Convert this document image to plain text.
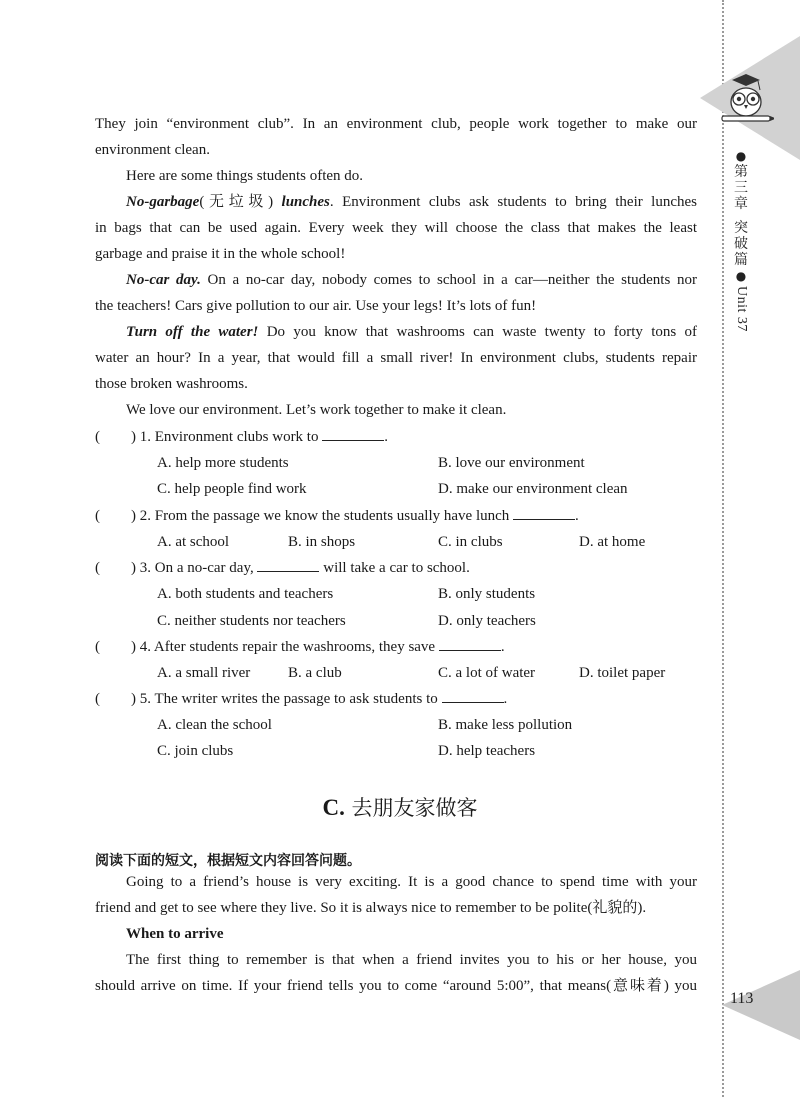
●
第
三
章
突
破
篇
●
Unit 37
113
They join “environment club”. In an environment club, people work together to make our
environment clean.
Here are some things students often do.
No-garbage(无垃圾) lunches. Environment clubs ask students to bring their lunches
in bags that can be used again. Every week they will choose the class that makes the least
garbage and praise it in the whole school!
No-car day. On a no-car day, nobody comes to school in a car—neither the students nor
the teachers! Cars give pollution to our air. Use your legs! It’s lots of fun!
Turn off the water! Do you know that washrooms can waste twenty to forty tons of
water an hour? In a year, that would fill a small river! In environment clubs, students repair
those broken washrooms.
We love our environment. Let’s work together to make it clean.
( ) 1. Environment clubs work to	.
A. help more students	B. love our environment
C. help people find work	D. make our environment clean
( ) 2. From the passage we know the students usually have lunch	.
A. at school	B. in shops	C. in clubs	D. at home
( ) 3. On a no-car day,	will take a car to school.
A. both students and teachers	B. only students
C. neither students nor teachers	D. only teachers
( ) 4. After students repair the washrooms, they save	.
A. a small river	B. a club	C. a lot of water	D. toilet paper
( ) 5. The writer writes the passage to ask students to	.
A. clean the school	B. make less pollution
C. join clubs	D. help teachers
C. 去朋友家做客
阅读下面的短文，根据短文内容回答问题。
Going to a friend’s house is very exciting. It is a good chance to spend time with your
friend and get to see where they live. So it is always nice to remember to be polite(礼貌的).
When to arrive
The first thing to remember is that when a friend invites you to his or her house, you
should arrive on time. If your friend tells you to come “around 5:00”, that means(意味着) you
